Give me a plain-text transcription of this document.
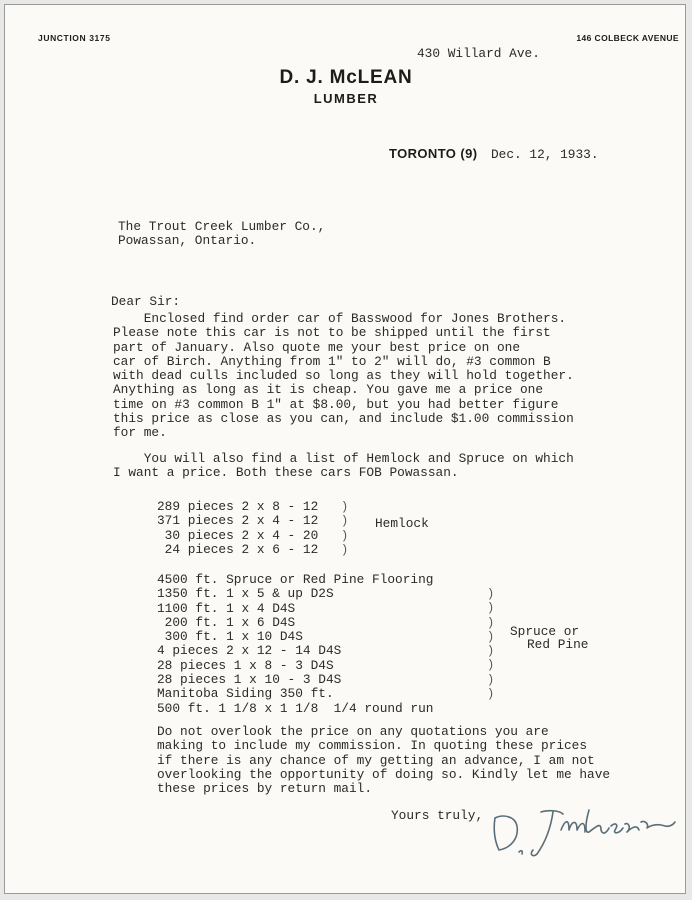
JUNCTION 3175	146 COLBECK AVENUE
D. J. McLEAN
LUMBER
TORONTO (9)
430 Willard Ave.
Dec. 12, 1933.
The Trout Creek Lumber Co.,
Powassan, Ontario.
Dear Sir:
Enclosed find order car of Basswood for Jones Brothers.
Please note this car is not to be shipped until the first
part of January. Also quote me your best price on one
car of Birch. Anything from 1" to 2" will do, #3 common B
with dead culls included so long as they will hold together.
Anything as long as it is cheap. You gave me a price one
time on #3 common B 1" at $8.00, but you had better figure
this price as close as you can, and include $1.00 commission
for me.
You will also find a list of Hemlock and Spruce on which
I want a price. Both these cars FOB Powassan.
289 pieces 2 x 8 - 12
371 pieces 2 x 4 - 12
30 pieces 2 x 4 - 20
24 pieces 2 x 6 - 12
)
)
)
)
Hemlock
4500 ft. Spruce or Red Pine Flooring
1350 ft. 1 x 5 & up D2S
1100 ft. 1 x 4 D4S
200 ft. 1 x 6 D4S
300 ft. 1 x 10 D4S
4 pieces 2 x 12 - 14 D4S
28 pieces 1 x 8 - 3 D4S
28 pieces 1 x 10 - 3 D4S
Manitoba Siding 350 ft.
500 ft. 1 1/8 x 1 1/8  1/4 round run
)
)
)
)
)
)
)
)
Spruce or
Red Pine
Do not overlook the price on any quotations you are
making to include my commission. In quoting these prices
if there is any chance of my getting an advance, I am not
overlooking the opportunity of doing so. Kindly let me have
these prices by return mail.
Yours truly,
